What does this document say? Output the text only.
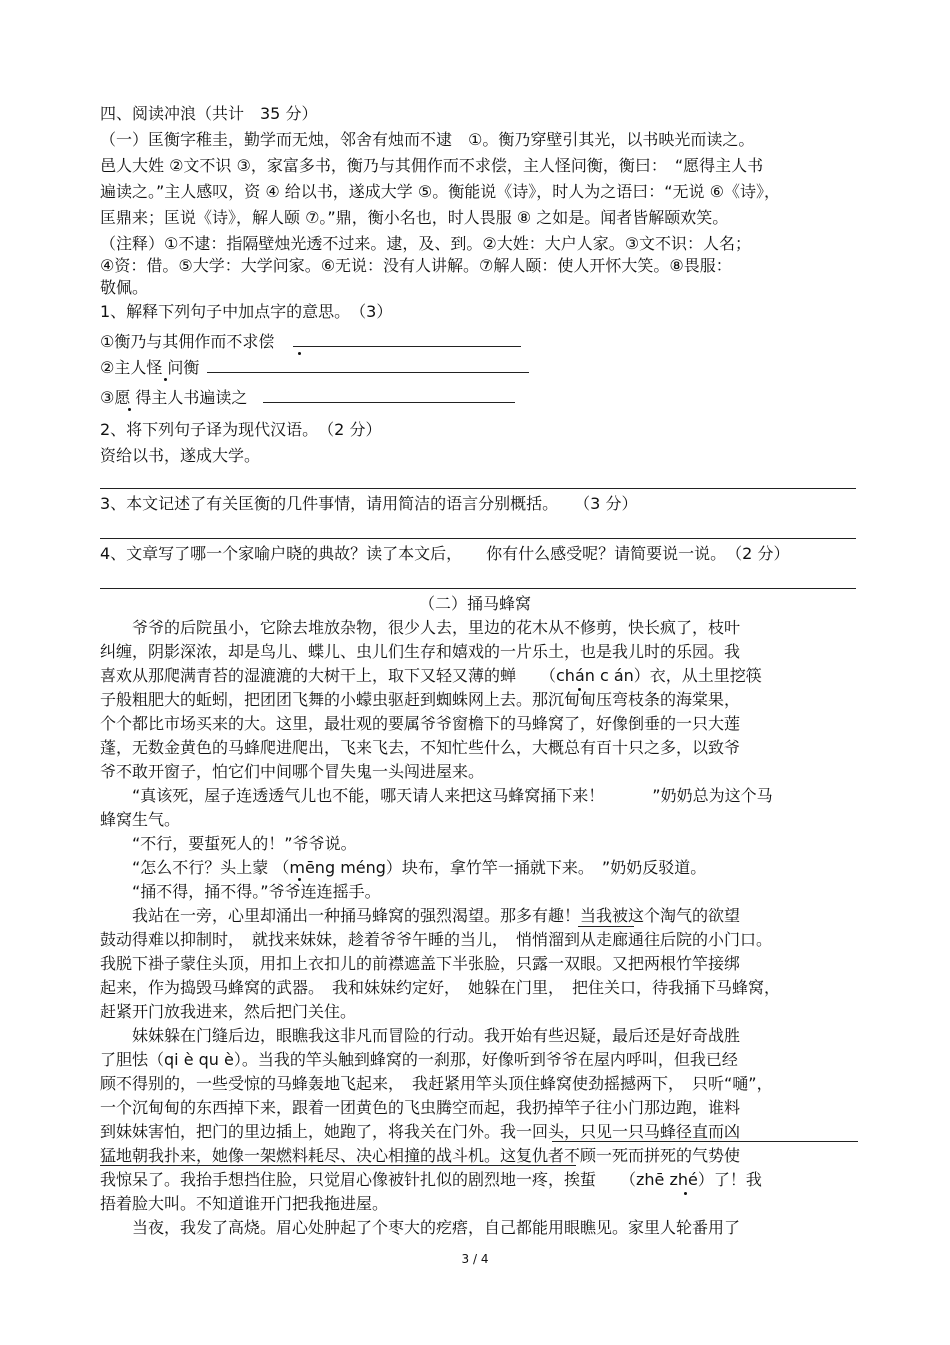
四、阅读冲浪（共计　35 分）
（一）匡衡字稚圭，勤学而无烛，邻舍有烛而不逮　①。衡乃穿壁引其光，以书映光而读之。
邑人大姓 ②文不识 ③，家富多书，衡乃与其佣作而不求偿，主人怪问衡，衡曰：　“愿得主人书
遍读之。”主人感叹，资 ④ 给以书，遂成大学 ⑤。衡能说《诗》，时人为之语曰：“无说 ⑥《诗》，
匡鼎来；匡说《诗》，解人颐 ⑦。”鼎，衡小名也，时人畏服 ⑧ 之如是。闻者皆解颐欢笑。
（注释）①不逮：指隔壁烛光透不过来。逮，及、到。②大姓：大户人家。③文不识：人名；
④资：借。⑤大学：大学问家。⑥无说：没有人讲解。⑦解人颐：使人开怀大笑。⑧畏服：
敬佩。
1、解释下列句子中加点字的意思。　（3）
①衡乃与其佣作而不求偿
②主人怪 问衡
③愿 得主人书遍读之
2、将下列句子译为现代汉语。　（2 分）
资给以书，遂成大学。
3、本文记述了有关匡衡的几件事情，请用简洁的语言分别概括。　　（3 分）
4、文章写了哪一个家喻户晓的典故？读了本文后，　　你有什么感受呢？请简要说一说。　（2 分）
（二）捅马蜂窝
　　爷爷的后院虽小，它除去堆放杂物，很少人去，里边的花木从不修剪，快长疯了，枝叶
纠缠，阴影深浓，却是鸟儿、蝶儿、虫儿们生存和嬉戏的一片乐土，也是我儿时的乐园。我
喜欢从那爬满青苔的湿漉漉的大树干上，取下又轻又薄的蝉　　（chán c án）衣，从土里挖筷
子般粗肥大的蚯蚓，把团团飞舞的小蠓虫驱赶到蜘蛛网上去。那沉甸甸压弯枝条的海棠果，
个个都比市场买来的大。这里，最壮观的要属爷爷窗檐下的马蜂窝了，好像倒垂的一只大莲
蓬，无数金黄色的马蜂爬进爬出，飞来飞去，不知忙些什么，大概总有百十只之多，以致爷
爷不敢开窗子，怕它们中间哪个冒失鬼一头闯进屋来。
　　“真该死，屋子连透透气儿也不能，哪天请人来把这马蜂窝捅下来！　　　”奶奶总为这个马
蜂窝生气。
　　“不行，要蜇死人的！”爷爷说。
　　“怎么不行？头上蒙 （mēng méng）块布，拿竹竿一捅就下来。　”奶奶反驳道。
　　“捅不得，捅不得。”爷爷连连摇手。
　　我站在一旁，心里却涌出一种捅马蜂窝的强烈渴望。那多有趣！当我被这个淘气的欲望
鼓动得难以抑制时，　就找来妹妹，趁着爷爷午睡的当儿，　悄悄溜到从走廊通往后院的小门口。
我脱下褂子蒙住头顶，用扣上衣扣儿的前襟遮盖下半张脸，只露一双眼。又把两根竹竿接绑
起来，作为捣毁马蜂窝的武器。　我和妹妹约定好，　她躲在门里，　把住关口，待我捅下马蜂窝，
赶紧开门放我进来，然后把门关住。
　　妹妹躲在门缝后边，眼瞧我这非凡而冒险的行动。我开始有些迟疑，最后还是好奇战胜
了胆怯（qi è qu è）。当我的竿头触到蜂窝的一刹那，好像听到爷爷在屋内呼叫，但我已经
顾不得别的，一些受惊的马蜂轰地飞起来，　我赶紧用竿头顶住蜂窝使劲摇撼两下，　只听“嗵”，
一个沉甸甸的东西掉下来，跟着一团黄色的飞虫腾空而起，我扔掉竿子往小门那边跑，谁料
到妹妹害怕，把门的里边插上，她跑了，将我关在门外。我一回头，只见一只马蜂径直而凶
猛地朝我扑来，她像一架燃料耗尽、决心相撞的战斗机。这复仇者不顾一死而拼死的气势使
我惊呆了。我抬手想挡住脸，只觉眉心像被针扎似的剧烈地一疼，挨蜇　　（zhē zhé）了！我
捂着脸大叫。不知道谁开门把我拖进屋。
　　当夜，我发了高烧。眉心处肿起了个枣大的疙瘩，自己都能用眼瞧见。家里人轮番用了
3 / 4
